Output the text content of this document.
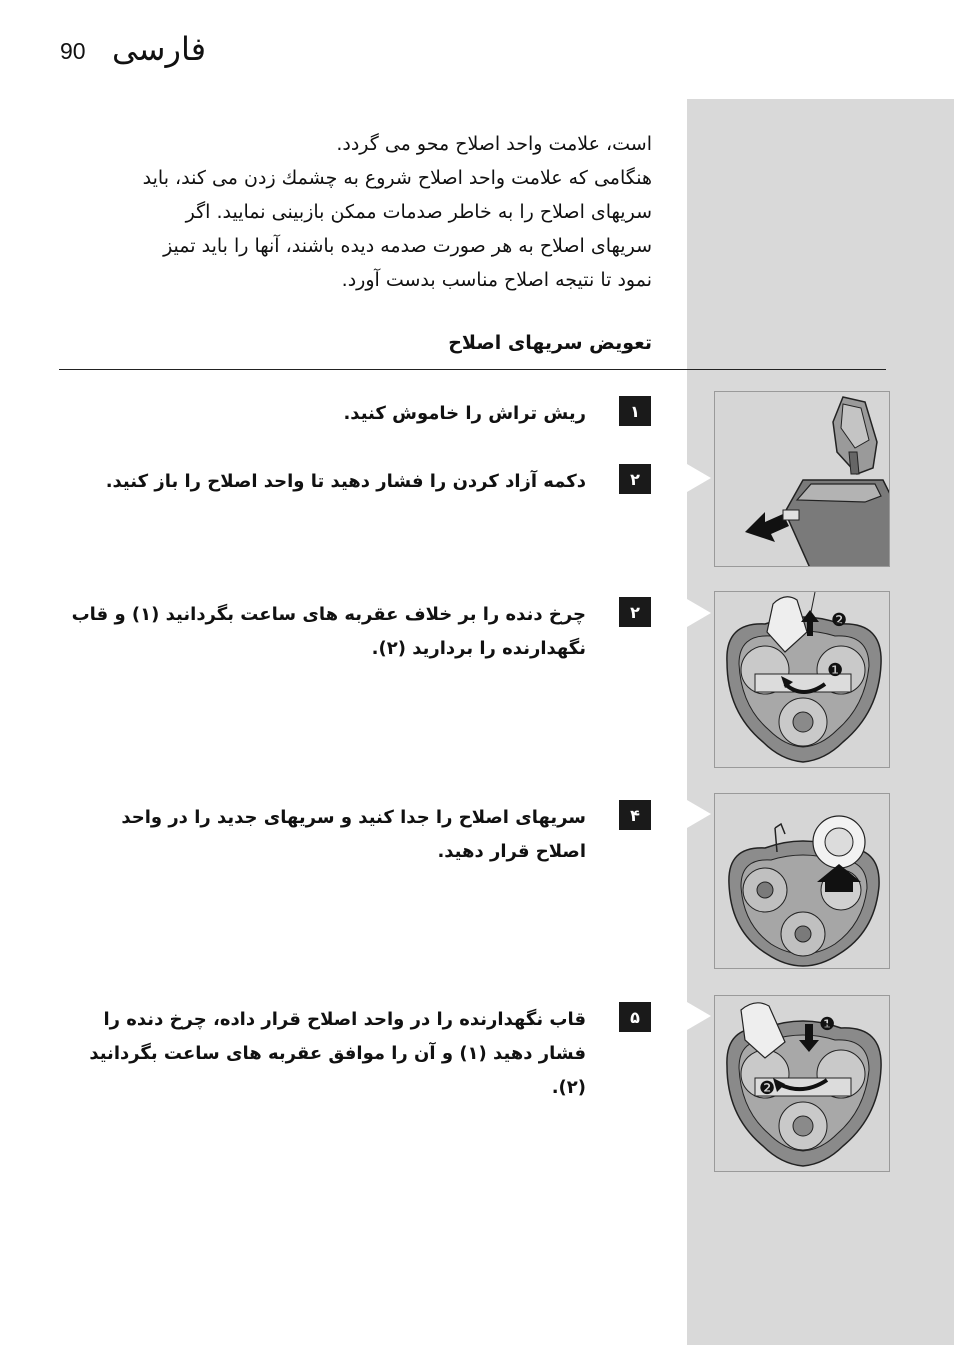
90 فارسی

است، علامت واحد اصلاح محو می گردد.

هنگامی که علامت واحد اصلاح شروع به چشمك زدن می كند، باید

سریهای اصلاح را به خاطر صدمات ممكن بازبینی نمایید. اگر

سریهای اصلاح به هر صورت صدمه دیده باشند، آنها را باید تمیز

نمود تا نتیجه اصلاح مناسب بدست آورد.

تعویض سریهای اصلاح
١

ریش تراش را خاموش كنید.

٢

دكمه آزاد كردن را فشار دهید تا واحد اصلاح را باز كنید.

٢

چرخ دنده را بر خلاف عقربه های ساعت بگردانید (١) و قاب

نگهدارنده را بردارید (٢).

۴

سریهای اصلاح را جدا كنید و سریهای جدید را در واحد

اصلاح قرار دهید.

۵

قاب نگهدارنده را در واحد اصلاح قرار داده، چرخ دنده را

فشار دهید (١) و آن را موافق عقربه های ساعت بگردانید (٢).

❷
❶
❶
❷
